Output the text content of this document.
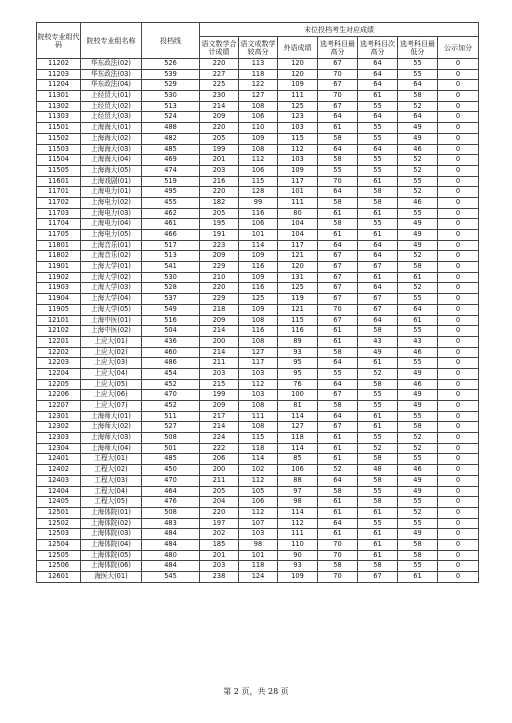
院校专业组代码	院校专业组名称	投档线	末位投档考生对应成绩						
			语文数学合计成绩	语文或数学较高分	外语成绩	选考科目最高分	选考科目次高分	选考科目最低分	公示加分
11202	华东政法(02)	526	220	113	120	67	64	55	0
11203	华东政法(03)	539	227	118	120	70	64	55	0
11204	华东政法(04)	529	225	122	109	67	64	64	0
11301	上经贸大(01)	530	230	127	111	70	61	58	0
11302	上经贸大(02)	513	214	108	125	67	55	52	0
11303	上经贸大(03)	524	209	106	123	64	64	64	0
11501	上海海大(01)	488	220	110	103	61	55	49	0
11502	上海海大(02)	482	205	109	115	58	55	49	0
11503	上海海大(03)	485	199	108	112	64	64	46	0
11504	上海海大(04)	469	201	112	103	58	55	52	0
11505	上海海大(05)	474	203	106	109	55	55	52	0
11601	上海戏剧(01)	519	216	115	117	70	61	55	0
11701	上海电力(01)	495	220	128	101	64	58	52	0
11702	上海电力(02)	455	182	99	111	58	58	46	0
11703	上海电力(03)	462	205	116	80	61	61	55	0
11704	上海电力(04)	461	195	106	104	58	55	49	0
11705	上海电力(05)	466	191	101	104	61	61	49	0
11801	上海音乐(01)	517	223	114	117	64	64	49	0
11802	上海音乐(02)	513	209	109	121	67	64	52	0
11901	上海大学(01)	541	229	116	120	67	67	58	0
11902	上海大学(02)	530	210	109	131	67	61	61	0
11903	上海大学(03)	528	220	116	125	67	64	52	0
11904	上海大学(04)	537	229	125	119	67	67	55	0
11905	上海大学(05)	549	218	109	121	70	67	64	0
12101	上海中医(01)	516	209	108	115	67	64	61	0
12102	上海中医(02)	504	214	116	116	61	58	55	0
12201	上应大(01)	436	200	108	89	61	43	43	0
12202	上应大(02)	460	214	127	93	58	49	46	0
12203	上应大(03)	486	211	117	95	64	61	55	0
12204	上应大(04)	454	203	103	95	55	52	49	0
12205	上应大(05)	452	215	112	76	64	58	46	0
12206	上应大(06)	470	199	103	100	67	55	49	0
12207	上应大(07)	452	209	108	81	58	55	49	0
12301	上海师大(01)	511	217	111	114	64	61	55	0
12302	上海师大(02)	527	214	108	127	67	61	58	0
12303	上海师大(03)	508	224	115	118	61	55	52	0
12304	上海师大(04)	501	222	118	114	61	52	52	0
12401	工程大(01)	485	206	114	85	61	58	55	0
12402	工程大(02)	450	200	102	106	52	48	46	0
12403	工程大(03)	470	211	112	88	64	58	49	0
12404	工程大(04)	464	205	105	97	58	55	49	0
12405	工程大(05)	476	204	106	98	61	58	55	0
12501	上海体院(01)	508	220	112	114	61	61	52	0
12502	上海体院(02)	483	197	107	112	64	55	55	0
12503	上海体院(03)	484	202	103	111	61	61	49	0
12504	上海体院(04)	484	185	98	110	70	61	58	0
12505	上海体院(05)	480	201	101	90	70	61	58	0
12506	上海体院(06)	484	203	118	93	58	58	55	0
12601	海医大(01)	545	238	124	109	70	67	61	0
第 2 页，共 28 页
